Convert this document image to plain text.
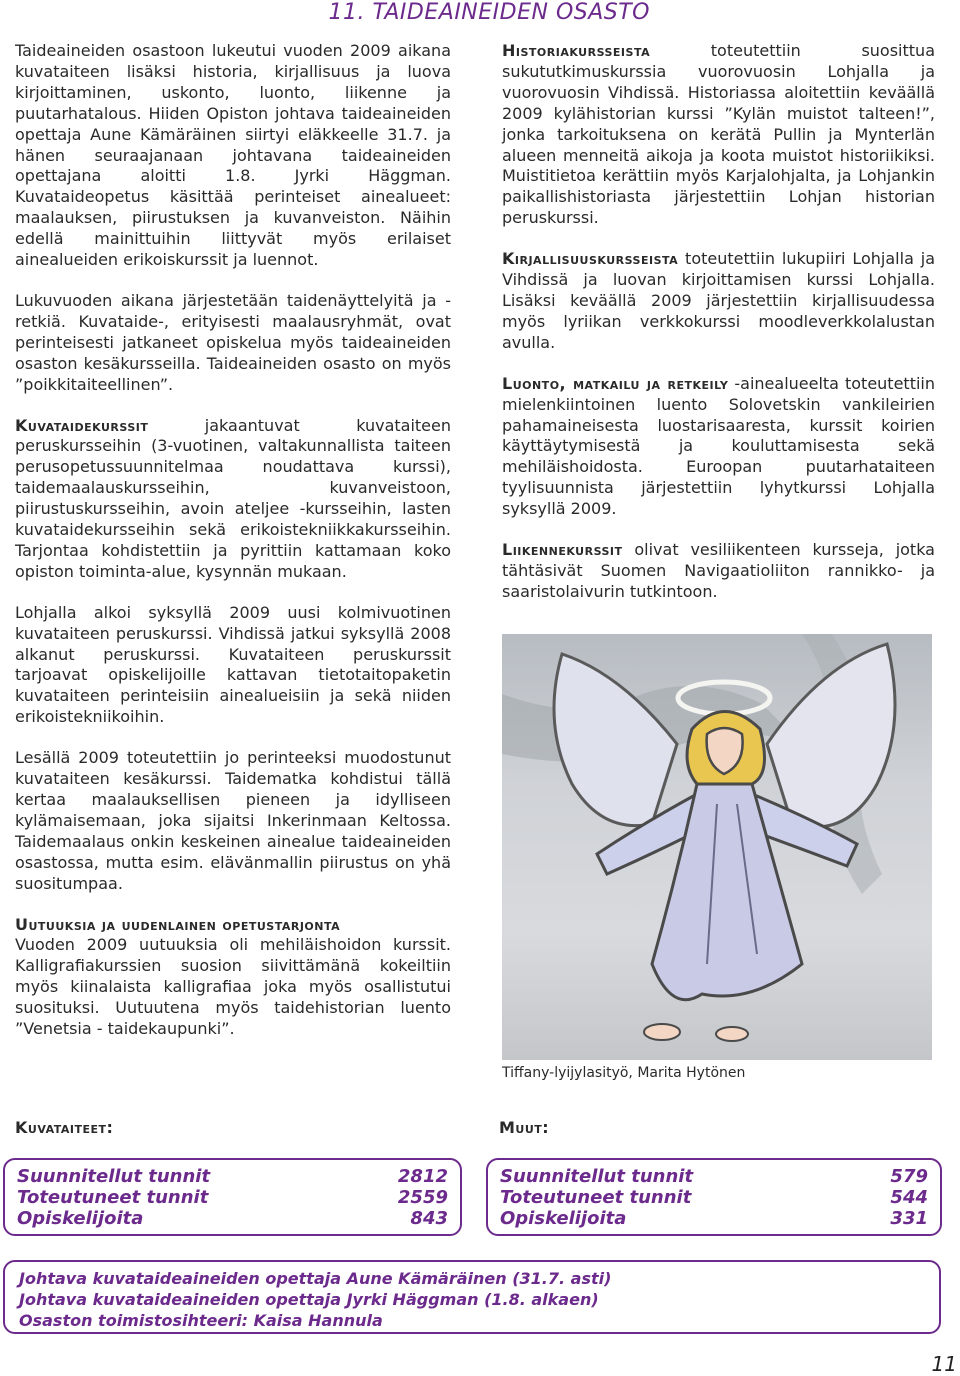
11. TAIDEAINEIDEN OSASTO

Taideaineiden osastoon lukeutui vuoden 2009 aikana kuvataiteen lisäksi historia, kirjallisuus ja luova kirjoittaminen, uskonto, luonto, liikenne ja puutarhatalous. Hiiden Opiston johtava taideaineiden opettaja Aune Kämäräinen siirtyi eläkkeelle 31.7. ja hänen seuraajanaan johtavana taideaineiden opettajana aloitti 1.8. Jyrki Häggman. Kuvataideopetus käsittää perinteiset ainealueet: maalauksen, piirustuksen ja kuvanveiston. Näihin edellä mainittuihin liittyvät myös erilaiset ainealueiden erikoiskurssit ja luennot.

Lukuvuoden aikana järjestetään taidenäyttelyitä ja -retkiä. Kuvataide-, erityisesti maalausryhmät, ovat perinteisesti jatkaneet opiskelua myös taideaineiden osaston kesäkursseilla. Taideaineiden osasto on myös ”poikkitaiteellinen”.

Kuvataidekurssit	jakaantuvat kuvataiteen peruskursseihin (3-vuotinen, valtakunnallista taiteen perusopetussuunnitelmaa noudattava kurssi), taidemaalauskursseihin, kuvanveistoon, piirustuskursseihin, avoin ateljee -kursseihin, lasten kuvataidekursseihin sekä erikoistekniikkakursseihin. Tarjontaa kohdistettiin ja pyrittiin kattamaan koko opiston toiminta-alue, kysynnän mukaan.

Lohjalla alkoi syksyllä 2009 uusi kolmivuotinen kuvataiteen peruskurssi. Vihdissä jatkui syksyllä 2008 alkanut peruskurssi. Kuvataiteen peruskurssit tarjoavat opiskelijoille kattavan tietotaitopaketin kuvataiteen perinteisiin ainealueisiin ja sekä niiden erikoistekniikoihin.

Lesällä 2009 toteutettiin jo perinteeksi muodostunut kuvataiteen kesäkurssi. Taidematka kohdistui tällä kertaa maalauksellisen pieneen ja idylliseen kylämaisemaan, joka sijaitsi Inkerinmaan Keltossa. Taidemaalaus onkin keskeinen ainealue taideaineiden osastossa, mutta esim. elävänmallin piirustus on yhä suositumpaa.

Uutuuksia ja uudenlainen opetustarjonta

Vuoden 2009 uutuuksia oli mehiläishoidon kurssit. Kalligrafiakurssien suosion siivittämänä kokeiltiin myös kiinalaista kalligrafiaa joka myös osallistutui suosituksi. Uutuutena myös taidehistorian luento ”Venetsia - taidekaupunki”.

Historiakursseista	toteutettiin suosittua sukututkimuskurssia vuorovuosin Lohjalla ja vuorovuosin Vihdissä. Historiassa aloitettiin keväällä 2009 kylähistorian kurssi ”Kylän muistot talteen!”, jonka tarkoituksena on kerätä Pullin ja Mynterlän alueen menneitä aikoja ja koota muistot historiikiksi. Muistitietoa kerättiin myös Karjalohjalta, ja Lohjankin paikallishistoriasta järjestettiin Lohjan historian peruskurssi.

Kirjallisuuskursseista toteutettiin lukupiiri Lohjalla ja Vihdissä ja luovan kirjoittamisen kurssi Lohjalla. Lisäksi keväällä 2009 järjestettiin kirjallisuudessa myös lyriikan verkkokurssi moodleverkkolalustan avulla.

Luonto, matkailu ja retkeily -ainealueelta toteutettiin mielenkiintoinen luento Solovetskin vankileirien pahamaineisesta luostarisaaresta, kurssit koirien käyttäytymisestä ja kouluttamisesta sekä mehiläishoidosta. Euroopan puutarhataiteen tyylisuunnista järjestettiin lyhytkurssi Lohjalla syksyllä 2009.

Liikennekurssit olivat vesiliikenteen kursseja, jotka tähtäsivät Suomen Navigaatioliiton rannikko- ja saaristolaivurin tutkintoon.

Tiffany-lyijylasityö, Marita Hytönen
Kuvataiteet:
Suunnitellut tunnit	2812
Toteutuneet tunnit	2559
Opiskelijoita	843
Muut:
Suunnitellut tunnit	579
Toteutuneet tunnit	544
Opiskelijoita	331
Johtava kuvataideaineiden opettaja Aune Kämäräinen (31.7. asti)
Johtava kuvataideaineiden opettaja Jyrki Häggman (1.8. alkaen)
Osaston toimistosihteeri: Kaisa Hannula
11
